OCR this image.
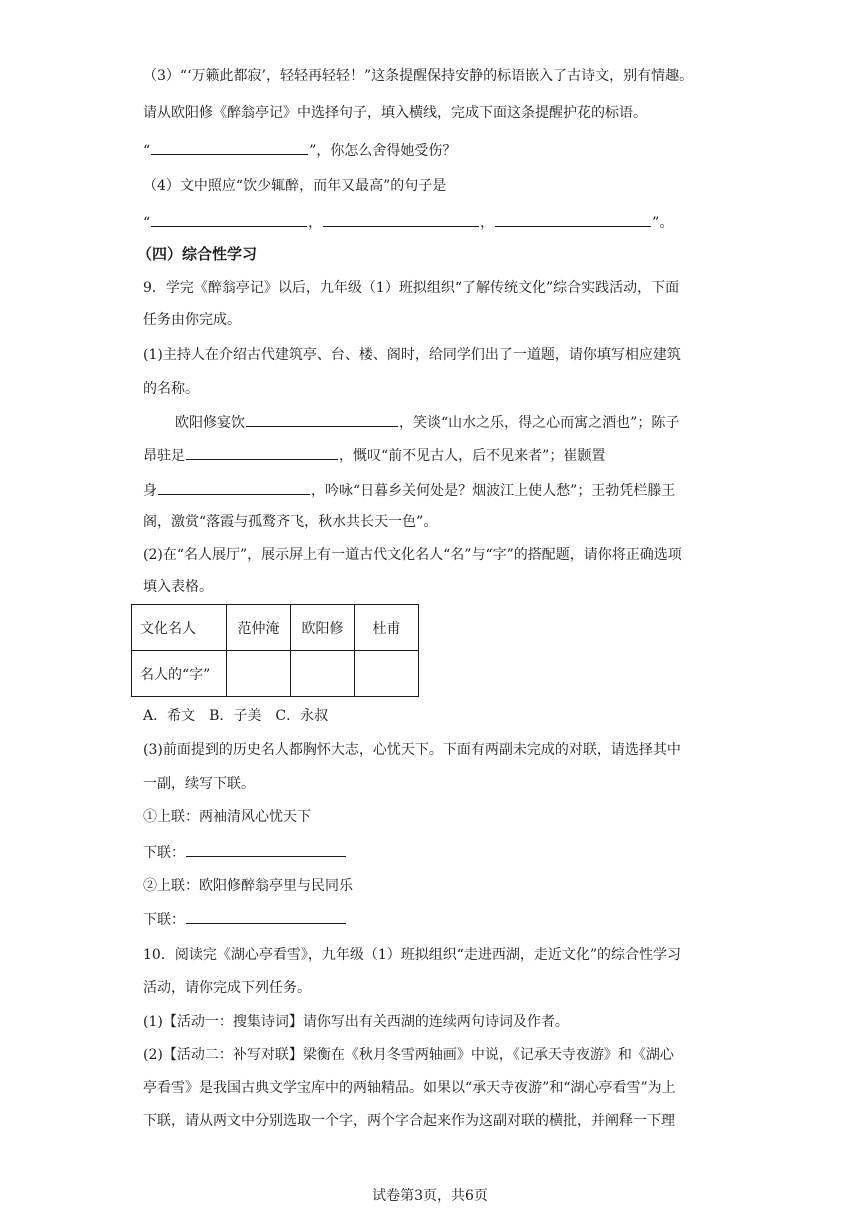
（3）“‘万籁此都寂’，轻轻再轻轻！”这条提醒保持安静的标语嵌入了古诗文，别有情趣。
请从欧阳修《醉翁亭记》中选择句子，填入横线，完成下面这条提醒护花的标语。
“	”，你怎么舍得她受伤？
（4）文中照应“饮少辄醉，而年又最高”的句子是
“	，	，	”。
（四）综合性学习
9．学完《醉翁亭记》以后，九年级（1）班拟组织“了解传统文化”综合实践活动，下面
任务由你完成。
(1)主持人在介绍古代建筑亭、台、楼、阁时，给同学们出了一道题，请你填写相应建筑
的名称。
欧阳修宴饮	，笑谈“山水之乐，得之心而寓之酒也”；陈子
昂驻足	，慨叹“前不见古人，后不见来者”；崔颢置
身	，吟咏“日暮乡关何处是？烟波江上使人愁”；王勃凭栏滕王
阁，激赏“落霞与孤鹜齐飞，秋水共长天一色”。
(2)在“名人展厅”，展示屏上有一道古代文化名人“名”与“字”的搭配题，请你将正确选项
填入表格。
文化名人	范仲淹	欧阳修	杜甫
名人的“字”			
A．希文　B．子美　C．永叔
(3)前面提到的历史名人都胸怀大志，心忧天下。下面有两副未完成的对联，请选择其中
一副，续写下联。
①上联：两袖清风心忧天下
下联：
②上联：欧阳修醉翁亭里与民同乐
下联：
10．阅读完《湖心亭看雪》，九年级（1）班拟组织“走进西湖，走近文化”的综合性学习
活动，请你完成下列任务。
(1)【活动一：搜集诗词】请你写出有关西湖的连续两句诗词及作者。
(2)【活动二：补写对联】梁衡在《秋月冬雪两轴画》中说，《记承天寺夜游》和《湖心
亭看雪》是我国古典文学宝库中的两轴精品。如果以“承天寺夜游”和“湖心亭看雪”为上
下联，请从两文中分别选取一个字，两个字合起来作为这副对联的横批，并阐释一下理
试卷第3页，共6页
